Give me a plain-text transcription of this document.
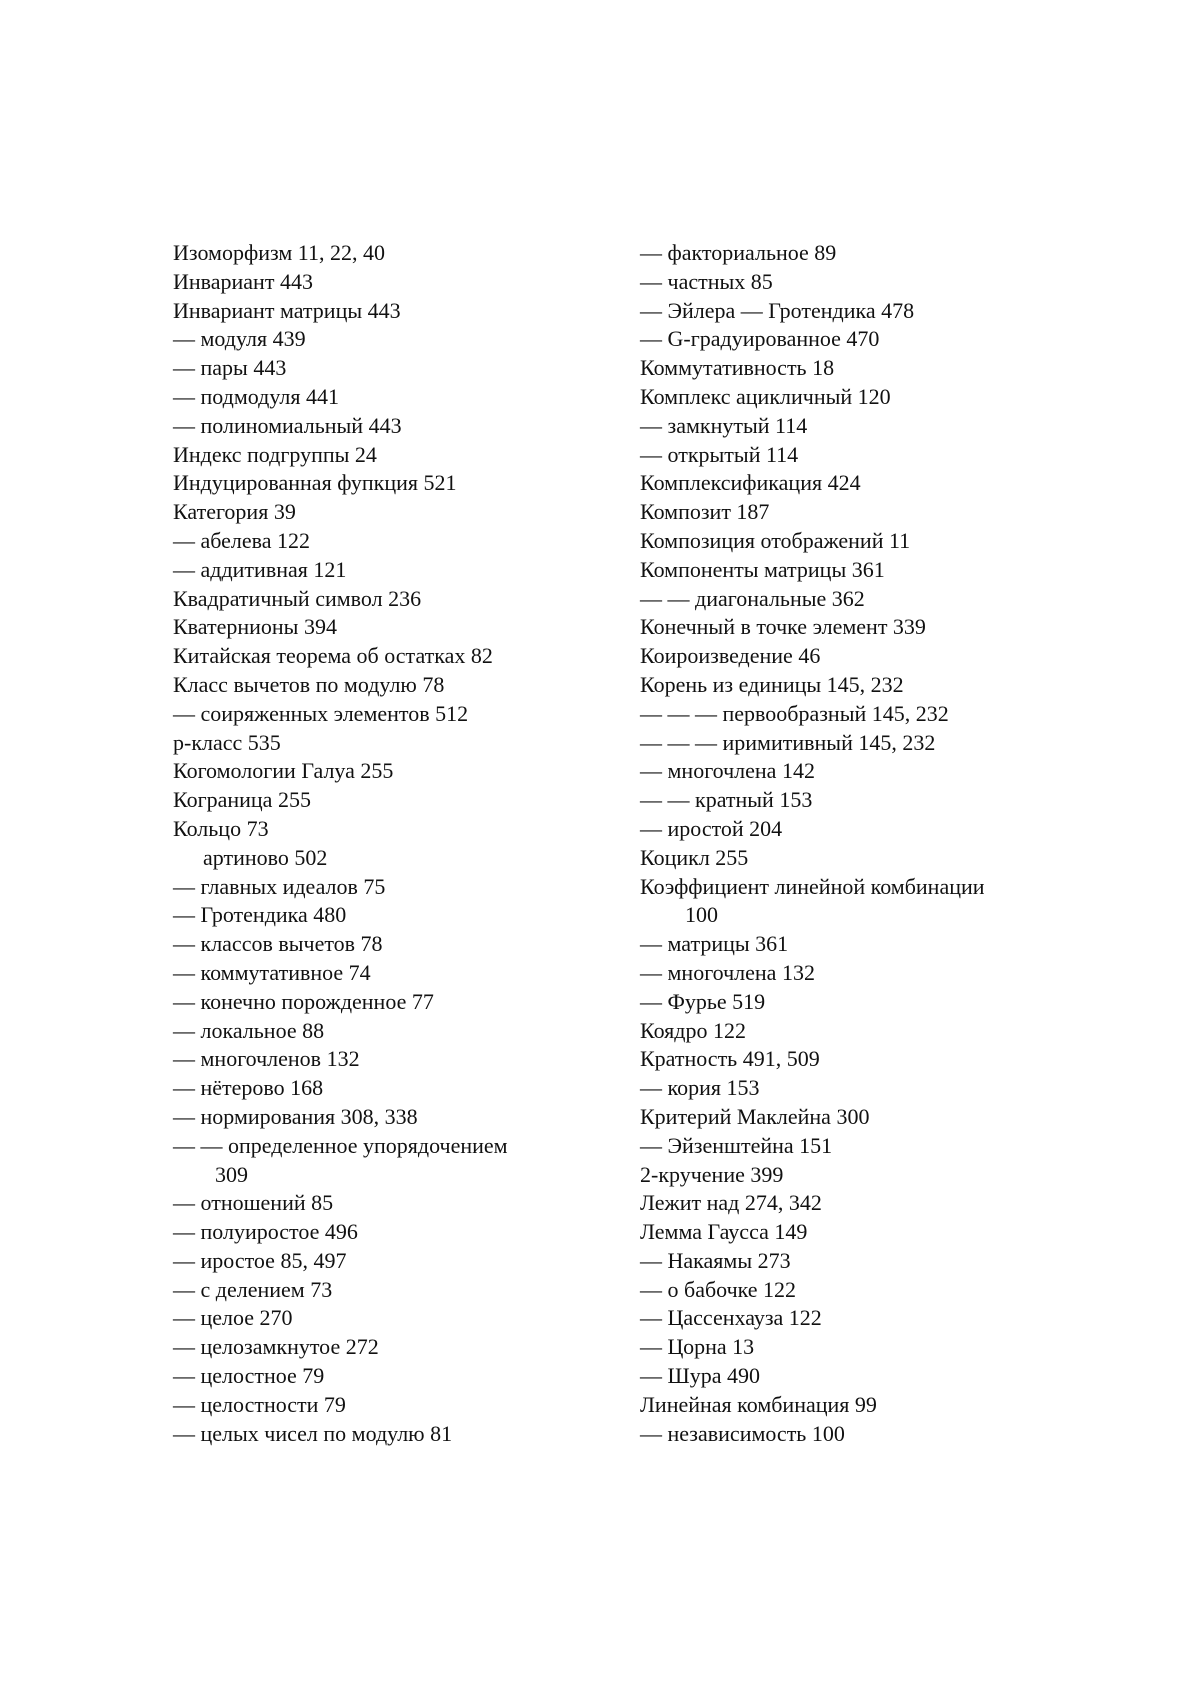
Изоморфизм 11, 22, 40
Инвариант 443
Инвариант матрицы 443
— модуля 439
— пары 443
— подмодуля 441
— полиномиальный 443
Индекс подгруппы 24
Индуцированная фупкция 521
Категория 39
— абелева 122
— аддитивная 121
Квадратичный символ 236
Кватернионы 394
Китайская теорема об остатках 82
Класс вычетов по модулю 78
— соиряженных элементов 512
р-класс 535
Когомологии Галуа 255
Кограница 255
Кольцо 73
артиново 502
— главных идеалов 75
— Гротендика 480
— классов вычетов 78
— коммутативное 74
— конечно порожденное 77
— локальное 88
— многочленов 132
— нётерово 168
— нормирования 308, 338
— — определенное упорядочением
309
— отношений 85
— полуиростое 496
— иростое 85, 497
— с делением 73
— целое 270
— целозамкнутое 272
— целостное 79
— целостности 79
— целых чисел по модулю 81
— факториальное 89
— частных 85
— Эйлера — Гротендика 478
— G-градуированное 470
Коммутативность 18
Комплекс ацикличный 120
— замкнутый 114
— открытый 114
Комплексификация 424
Композит 187
Композиция отображений 11
Компоненты матрицы 361
— — диагональные 362
Конечный в точке элемент 339
Коироизведение 46
Корень из единицы 145, 232
— — — первообразный 145, 232
— — — иримитивный 145, 232
— многочлена 142
— — кратный 153
— иростой 204
Коцикл 255
Коэффициент линейной комбинации
100
— матрицы 361
— многочлена 132
— Фурье 519
Коядро 122
Кратность 491, 509
— кория 153
Критерий Маклейна 300
— Эйзенштейна 151
2-кручение 399
Лежит над 274, 342
Лемма Гаусса 149
— Накаямы 273
— о бабочке 122
— Цассенхауза 122
— Цорна 13
— Шура 490
Линейная комбинация 99
— независимость 100
